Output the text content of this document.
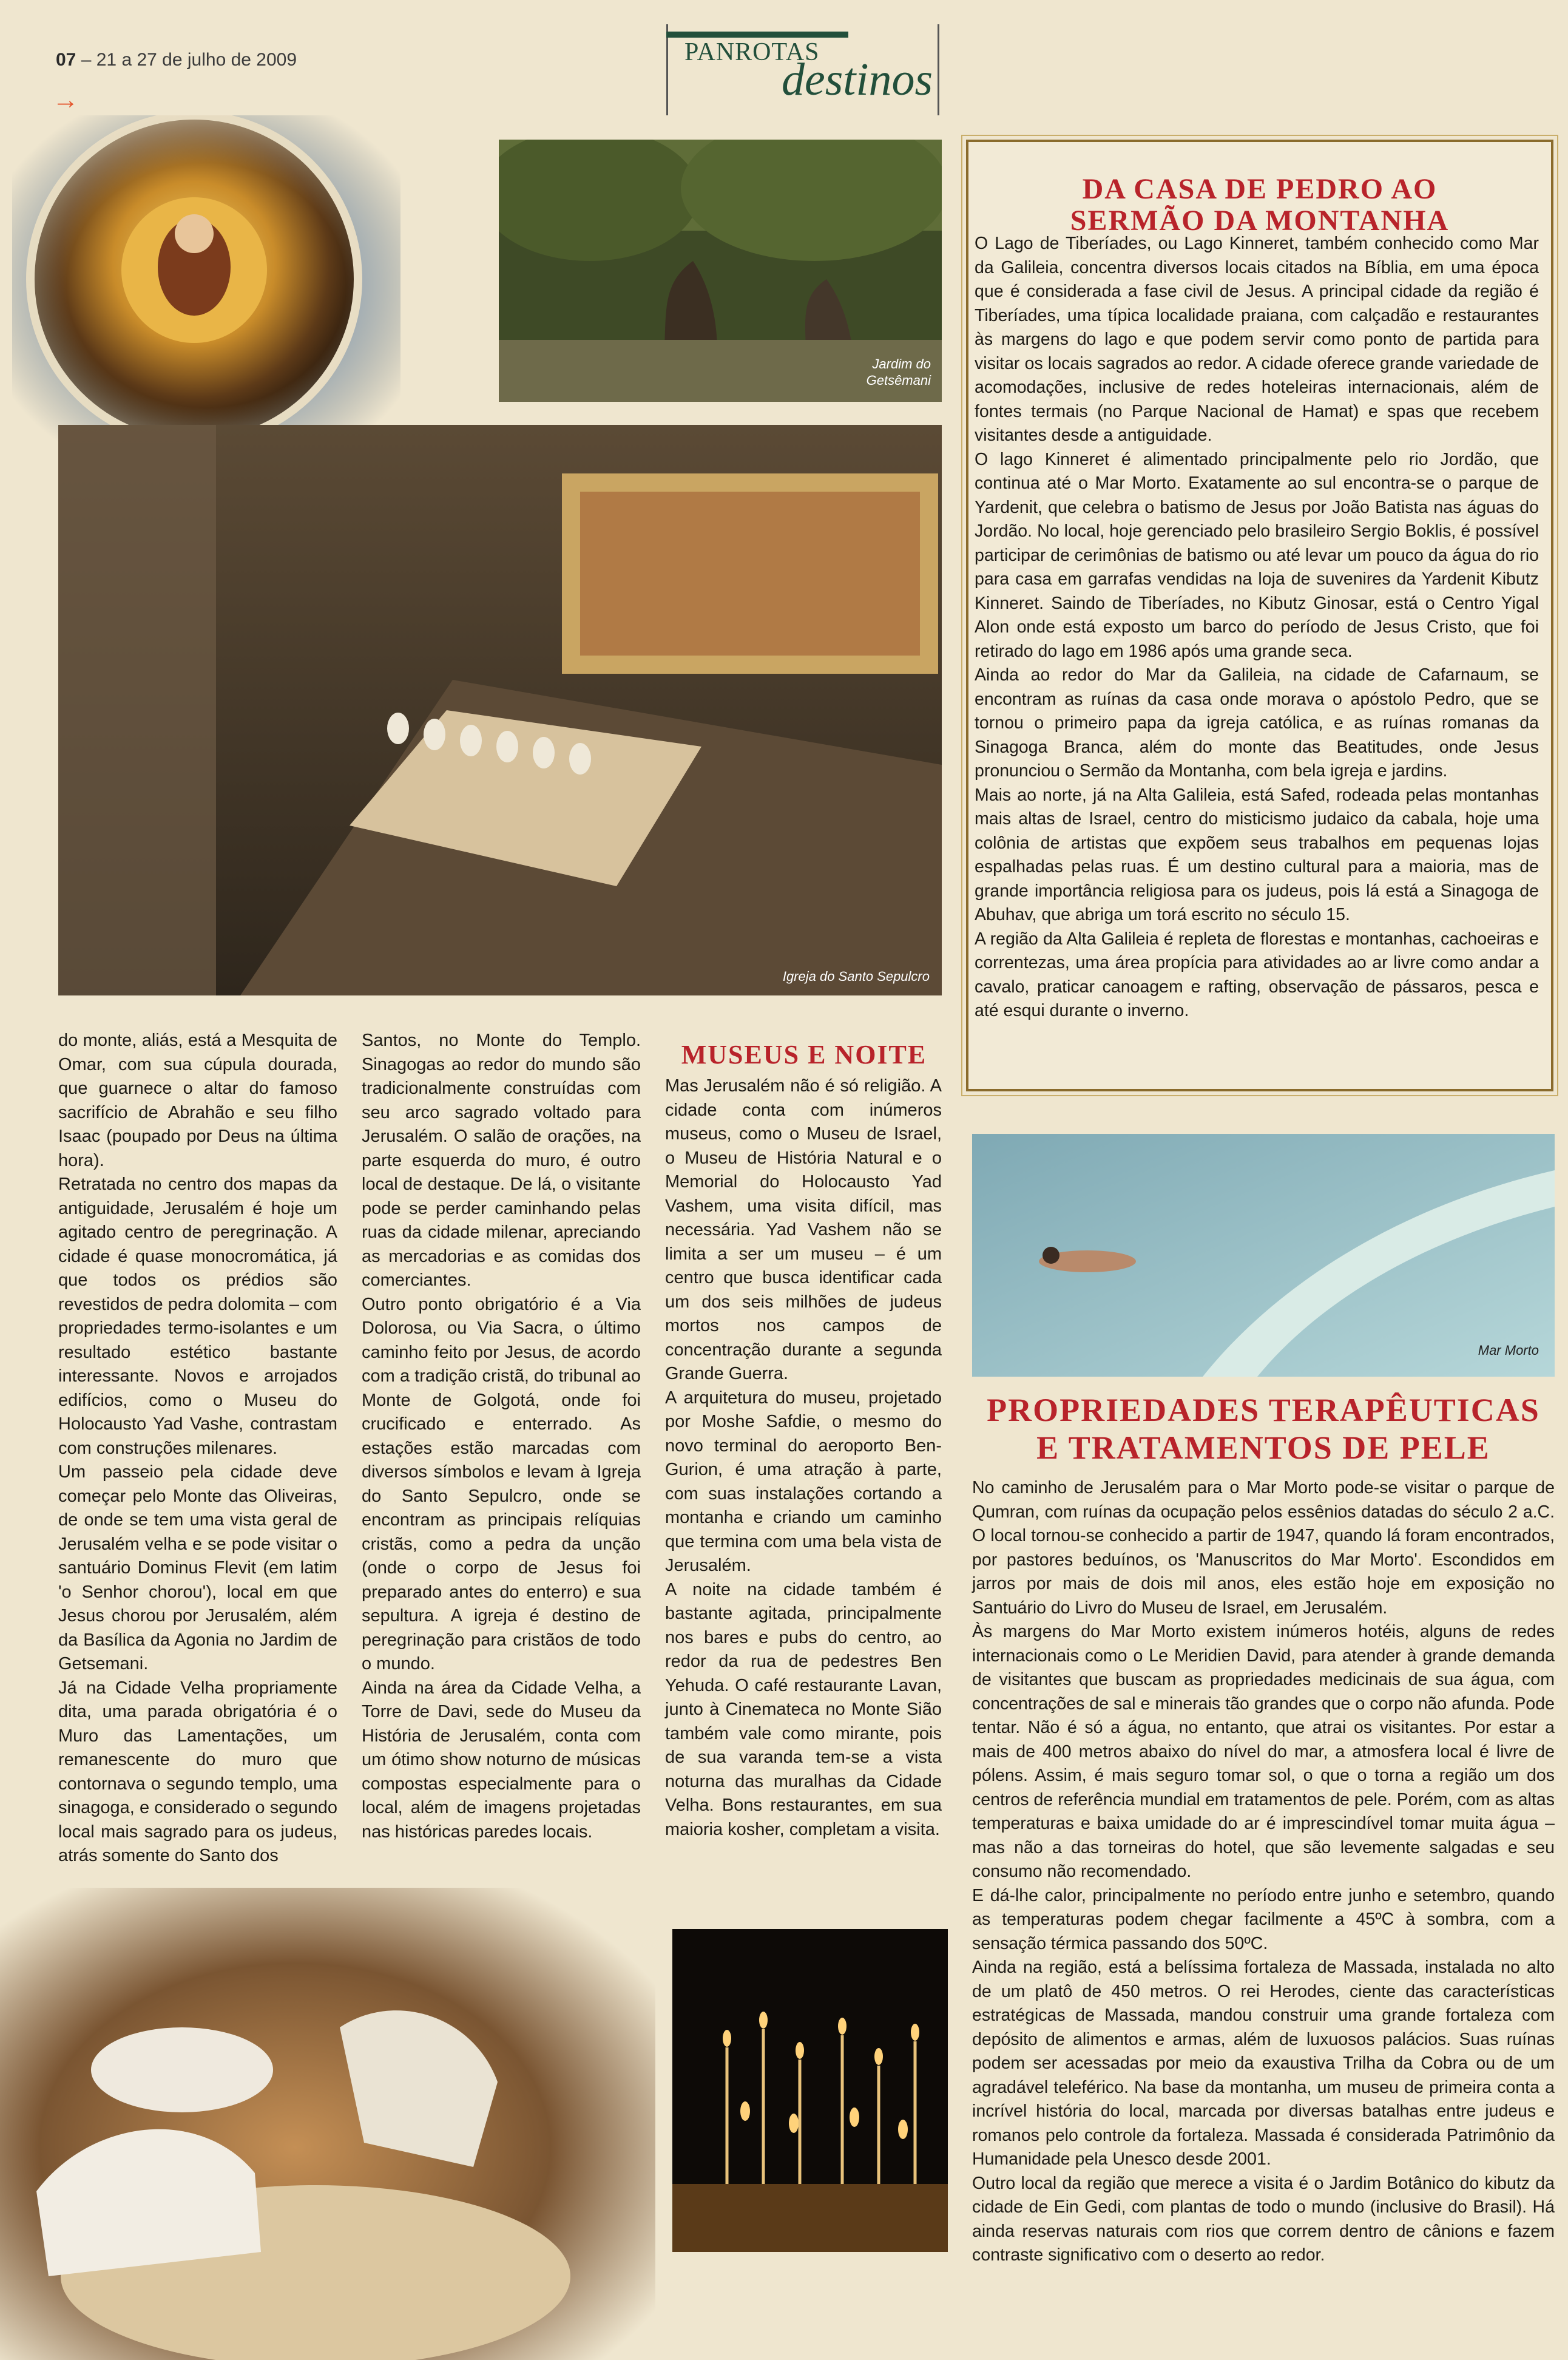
07 – 21 a 27 de julho de 2009
→
PANROTAS
destinos
Jardim do Getsêmani
Igreja do Santo Sepulcro

do monte, aliás, está a Mesquita de Omar, com sua cúpula dourada, que guarnece o altar do famoso sacrifício de Abrahão e seu filho Isaac (poupado por Deus na última hora).

Retratada no centro dos mapas da antiguidade, Jerusalém é hoje um agitado centro de peregrinação. A cidade é quase monocromática, já que todos os prédios são revestidos de pedra dolomita – com propriedades termo-isolantes e um resultado estético bastante interessante. Novos e arrojados edifícios, como o Museu do Holocausto Yad Vashe, contrastam com construções milenares.

Um passeio pela cidade deve começar pelo Monte das Oliveiras, de onde se tem uma vista geral de Jerusalém velha e se pode visitar o santuário Dominus Flevit (em latim 'o Senhor chorou'), local em que Jesus chorou por Jerusalém, além da Basílica da Agonia no Jardim de Getsemani.

Já na Cidade Velha propriamente dita, uma parada obrigatória é o Muro das Lamentações, um remanescente do muro que contornava o segundo templo, uma sinagoga, e considerado o segundo local mais sagrado para os judeus, atrás somente do Santo dos

Santos, no Monte do Templo. Sinagogas ao redor do mundo são tradicionalmente construídas com seu arco sagrado voltado para Jerusalém. O salão de orações, na parte esquerda do muro, é outro local de destaque. De lá, o visitante pode se perder caminhando pelas ruas da cidade milenar, apreciando as mercadorias e as comidas dos comerciantes.

Outro ponto obrigatório é a Via Dolorosa, ou Via Sacra, o último caminho feito por Jesus, de acordo com a tradição cristã, do tribunal ao Monte de Golgotá, onde foi crucificado e enterrado. As estações estão marcadas com diversos símbolos e levam à Igreja do Santo Sepulcro, onde se encontram as principais relíquias cristãs, como a pedra da unção (onde o corpo de Jesus foi preparado antes do enterro) e sua sepultura. A igreja é destino de peregrinação para cristãos de todo o mundo.

Ainda na área da Cidade Velha, a Torre de Davi, sede do Museu da História de Jerusalém, conta com um ótimo show noturno de músicas compostas especialmente para o local, além de imagens projetadas nas históricas paredes locais.

MUSEUS E NOITE

Mas Jerusalém não é só religião. A cidade conta com inúmeros museus, como o Museu de Israel, o Museu de História Natural e o Memorial do Holocausto Yad Vashem, uma visita difícil, mas necessária. Yad Vashem não se limita a ser um museu – é um centro que busca identificar cada um dos seis milhões de judeus mortos nos campos de concentração durante a segunda Grande Guerra.

A arquitetura do museu, projetado por Moshe Safdie, o mesmo do novo terminal do aeroporto Ben-Gurion, é uma atração à parte, com suas instalações cortando a montanha e criando um caminho que termina com uma bela vista de Jerusalém.

A noite na cidade também é bastante agitada, principalmente nos bares e pubs do centro, ao redor da rua de pedestres Ben Yehuda. O café restaurante Lavan, junto à Cinemateca no Monte Sião também vale como mirante, pois de sua varanda tem-se a vista noturna das muralhas da Cidade Velha. Bons restaurantes, em sua maioria kosher, completam a visita.

DA CASA DE PEDRO AO
SERMÃO DA MONTANHA

O Lago de Tiberíades, ou Lago Kinneret, também conhecido como Mar da Galileia, concentra diversos locais citados na Bíblia, em uma época que é considerada a fase civil de Jesus. A principal cidade da região é Tiberíades, uma típica localidade praiana, com calçadão e restaurantes às margens do lago e que podem servir como ponto de partida para visitar os locais sagrados ao redor. A cidade oferece grande variedade de acomodações, inclusive de redes hoteleiras internacionais, além de fontes termais (no Parque Nacional de Hamat) e spas que recebem visitantes desde a antiguidade.

O lago Kinneret é alimentado principalmente pelo rio Jordão, que continua até o Mar Morto. Exatamente ao sul encontra-se o parque de Yardenit, que celebra o batismo de Jesus por João Batista nas águas do Jordão. No local, hoje gerenciado pelo brasileiro Sergio Boklis, é possível participar de cerimônias de batismo ou até levar um pouco da água do rio para casa em garrafas vendidas na loja de suvenires da Yardenit Kibutz Kinneret. Saindo de Tiberíades, no Kibutz Ginosar, está o Centro Yigal Alon onde está exposto um barco do período de Jesus Cristo, que foi retirado do lago em 1986 após uma grande seca.

Ainda ao redor do Mar da Galileia, na cidade de Cafarnaum, se encontram as ruínas da casa onde morava o apóstolo Pedro, que se tornou o primeiro papa da igreja católica, e as ruínas romanas da Sinagoga Branca, além do monte das Beatitudes, onde Jesus pronunciou o Sermão da Montanha, com bela igreja e jardins.

Mais ao norte, já na Alta Galileia, está Safed, rodeada pelas montanhas mais altas de Israel, centro do misticismo judaico da cabala, hoje uma colônia de artistas que expõem seus trabalhos em pequenas lojas espalhadas pelas ruas. É um destino cultural para a maioria, mas de grande importância religiosa para os judeus, pois lá está a Sinagoga de Abuhav, que abriga um torá escrito no século 15.

A região da Alta Galileia é repleta de florestas e montanhas, cachoeiras e correntezas, uma área propícia para atividades ao ar livre como andar a cavalo, praticar canoagem e rafting, observação de pássaros, pesca e até esqui durante o inverno.

Mar Morto
PROPRIEDADES TERAPÊUTICAS
E TRATAMENTOS DE PELE

No caminho de Jerusalém para o Mar Morto pode-se visitar o parque de Qumran, com ruínas da ocupação pelos essênios datadas do século 2 a.C. O local tornou-se conhecido a partir de 1947, quando lá foram encontrados, por pastores beduínos, os 'Manuscritos do Mar Morto'. Escondidos em jarros por mais de dois mil anos, eles estão hoje em exposição no Santuário do Livro do Museu de Israel, em Jerusalém.

Às margens do Mar Morto existem inúmeros hotéis, alguns de redes internacionais como o Le Meridien David, para atender à grande demanda de visitantes que buscam as propriedades medicinais de sua água, com concentrações de sal e minerais tão grandes que o corpo não afunda. Pode tentar. Não é só a água, no entanto, que atrai os visitantes. Por estar a mais de 400 metros abaixo do nível do mar, a atmosfera local é livre de pólens. Assim, é mais seguro tomar sol, o que o torna a região um dos centros de referência mundial em tratamentos de pele. Porém, com as altas temperaturas e baixa umidade do ar é imprescindível tomar muita água – mas não a das torneiras do hotel, que são levemente salgadas e seu consumo não recomendado.

E dá-lhe calor, principalmente no período entre junho e setembro, quando as temperaturas podem chegar facilmente a 45ºC à sombra, com a sensação térmica passando dos 50ºC.

Ainda na região, está a belíssima fortaleza de Massada, instalada no alto de um platô de 450 metros. O rei Herodes, ciente das características estratégicas de Massada, mandou construir uma grande fortaleza com depósito de alimentos e armas, além de luxuosos palácios. Suas ruínas podem ser acessadas por meio da exaustiva Trilha da Cobra ou de um agradável teleférico. Na base da montanha, um museu de primeira conta a incrível história do local, marcada por diversas batalhas entre judeus e romanos pelo controle da fortaleza. Massada é considerada Patrimônio da Humanidade pela Unesco desde 2001.

Outro local da região que merece a visita é o Jardim Botânico do kibutz da cidade de Ein Gedi, com plantas de todo o mundo (inclusive do Brasil). Há ainda reservas naturais com rios que correm dentro de cânions e fazem contraste significativo com o deserto ao redor.
